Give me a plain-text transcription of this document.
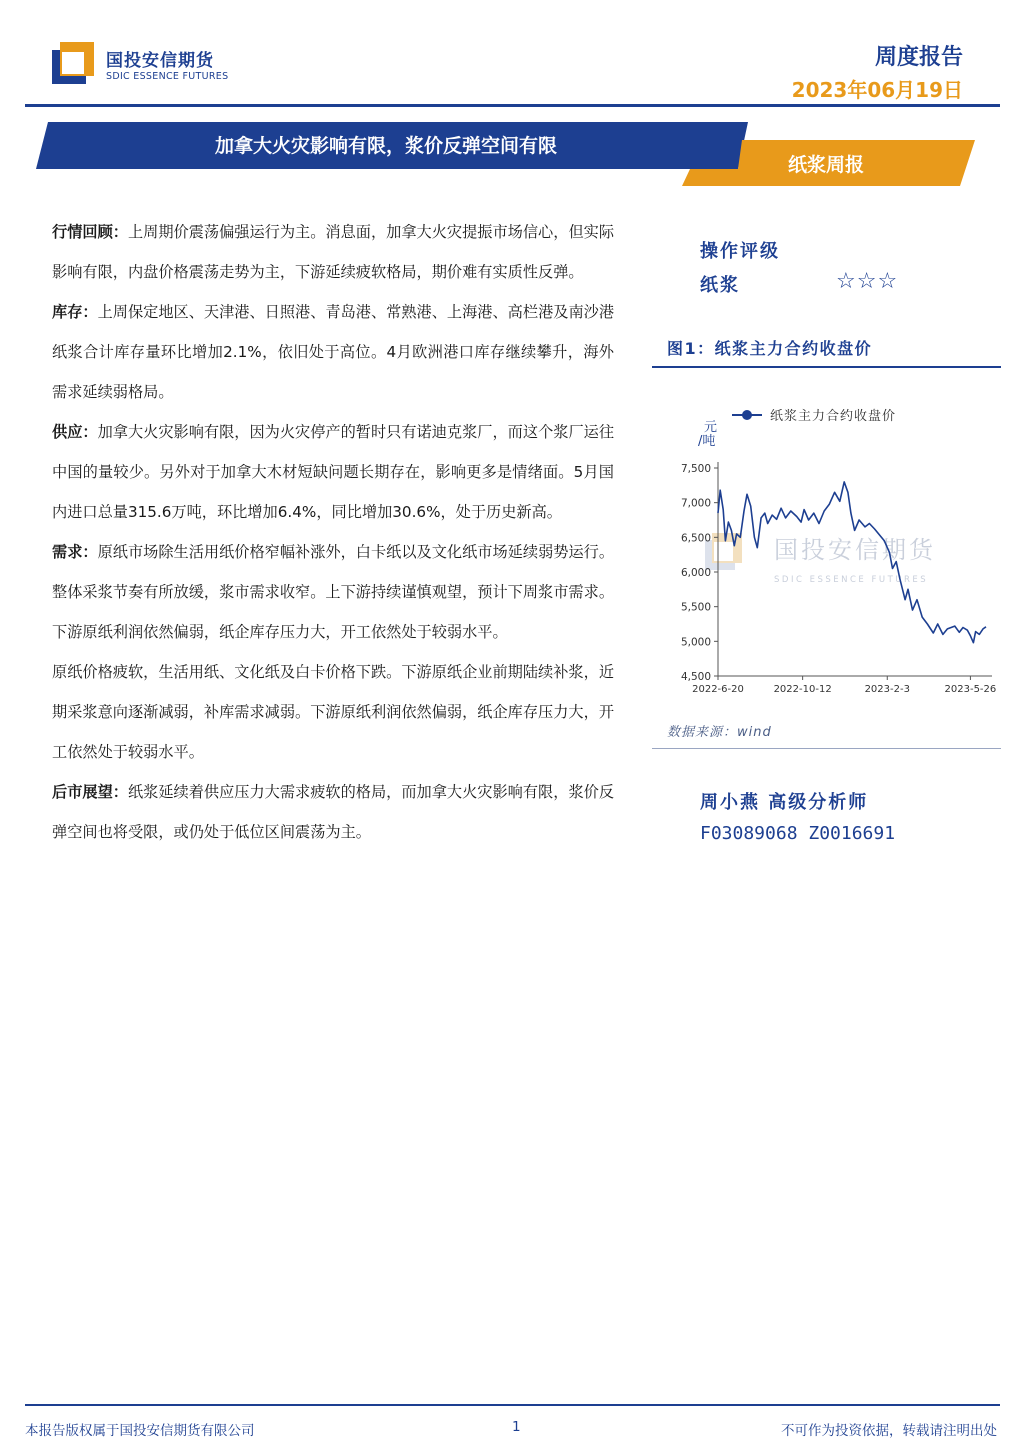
国投安信期货
SDIC ESSENCE FUTURES
周度报告
2023年06月19日
加拿大火灾影响有限，浆价反弹空间有限
纸浆周报

行情回顾：上周期价震荡偏强运行为主。消息面，加拿大火灾提振市场信心，但实际影响有限，内盘价格震荡走势为主，下游延续疲软格局，期价难有实质性反弹。

库存：上周保定地区、天津港、日照港、青岛港、常熟港、上海港、高栏港及南沙港纸浆合计库存量环比增加2.1%，依旧处于高位。4月欧洲港口库存继续攀升，海外需求延续弱格局。

供应：加拿大火灾影响有限，因为火灾停产的暂时只有诺迪克浆厂，而这个浆厂运往中国的量较少。另外对于加拿大木材短缺问题长期存在，影响更多是情绪面。5月国内进口总量315.6万吨，环比增加6.4%，同比增加30.6%，处于历史新高。

需求：原纸市场除生活用纸价格窄幅补涨外，白卡纸以及文化纸市场延续弱势运行。整体采浆节奏有所放缓，浆市需求收窄。上下游持续谨慎观望，预计下周浆市需求。下游原纸利润依然偏弱，纸企库存压力大，开工依然处于较弱水平。

原纸价格疲软，生活用纸、文化纸及白卡价格下跌。下游原纸企业前期陆续补浆，近期采浆意向逐渐减弱，补库需求减弱。下游原纸利润依然偏弱，纸企库存压力大，开工依然处于较弱水平。

后市展望：纸浆延续着供应压力大需求疲软的格局，而加拿大火灾影响有限，浆价反弹空间也将受限，或仍处于低位区间震荡为主。

操作评级
纸浆	☆☆☆
图1：纸浆主力合约收盘价
国投安信期货
SDIC ESSENCE FUTURES
4,500
5,000
5,500
6,000
6,500
7,000
7,500
2022-6-20	2022-10-12	2023-2-3	2023-5-26
元
/吨
纸浆主力合约收盘价
数据来源：wind
周小燕 高级分析师
F03089068 Z0016691
本报告版权属于国投安信期货有限公司	1	不可作为投资依据，转载请注明出处
